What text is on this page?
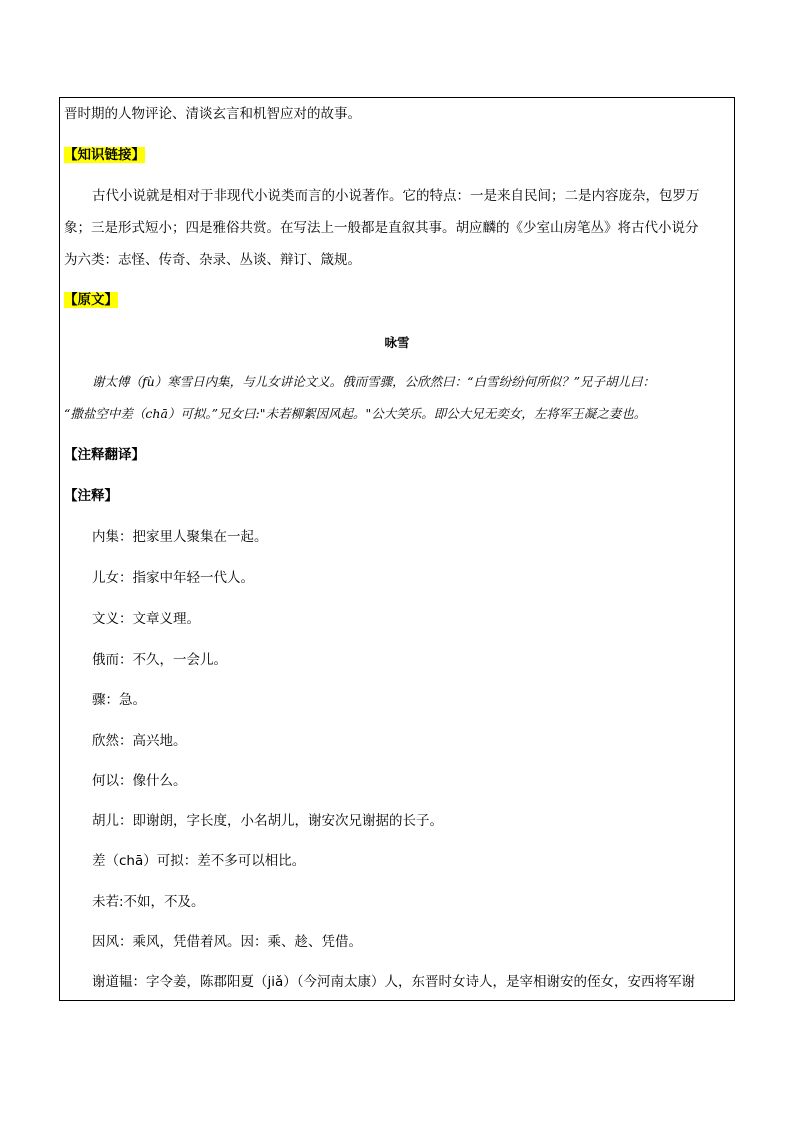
晋时期的人物评论、清谈玄言和机智应对的故事。
【知识链接】
古代小说就是相对于非现代小说类而言的小说著作。它的特点：一是来自民间；二是内容庞杂，包罗万
象；三是形式短小；四是雅俗共赏。在写法上一般都是直叙其事。胡应麟的《少室山房笔丛》将古代小说分
为六类：志怪、传奇、杂录、丛谈、辩订、箴规。
【原文】
咏雪
谢太傅（fù）寒雪日内集，与儿女讲论文义。俄而雪骤，公欣然曰：“白雪纷纷何所似？”兄子胡儿曰：
“撒盐空中差（chā）可拟。”兄女曰:"未若柳絮因风起。"公大笑乐。即公大兄无奕女，左将军王凝之妻也。
【注释翻译】
【注释】
内集：把家里人聚集在一起。
儿女：指家中年轻一代人。
文义：文章义理。
俄而：不久，一会儿。
骤：急。
欣然：高兴地。
何以：像什么。
胡儿：即谢朗，字长度，小名胡儿，谢安次兄谢据的长子。
差（chā）可拟：差不多可以相比。
未若:不如，不及。
因风：乘风，凭借着风。因：乘、趁、凭借。
谢道韫：字令姜，陈郡阳夏（jiǎ）（今河南太康）人，东晋时女诗人，是宰相谢安的侄女，安西将军谢
